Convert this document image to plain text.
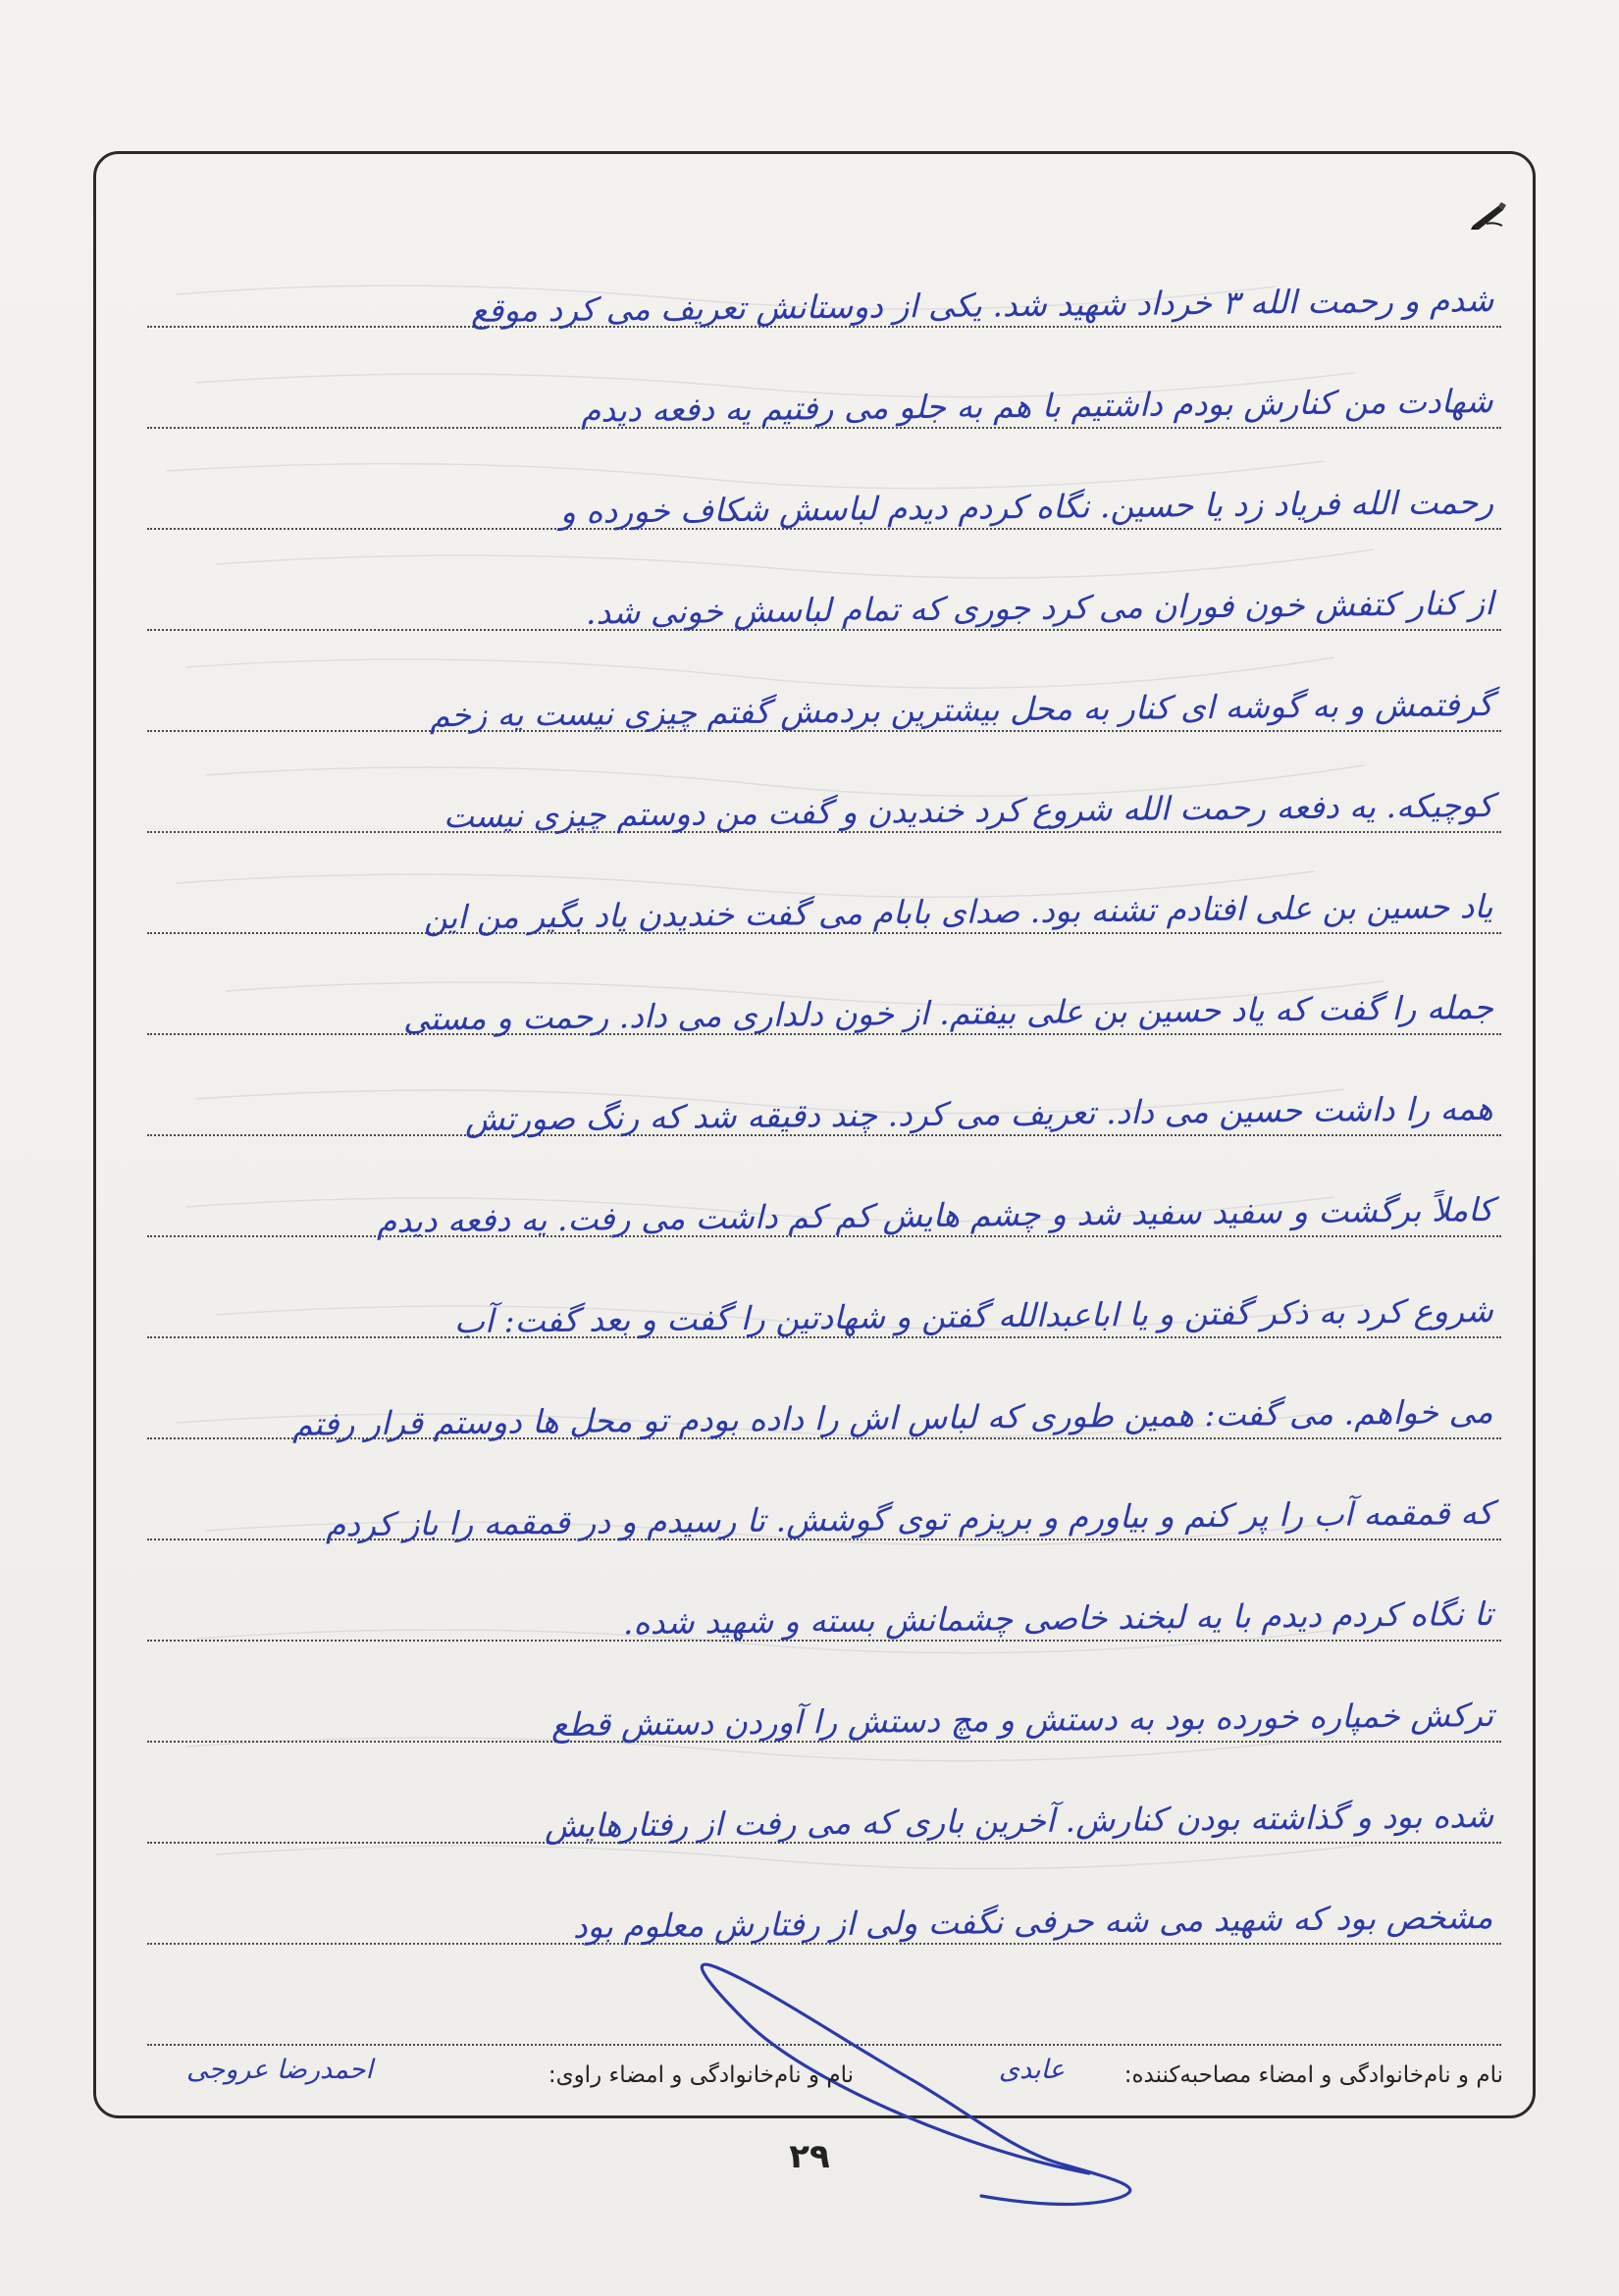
شدم و رحمت الله ۳ خرداد شهید شد. یکی از دوستانش تعریف می کرد موقع
شهادت من کنارش بودم داشتیم با هم به جلو می رفتیم یه دفعه دیدم
رحمت الله فریاد زد یا حسین. نگاه کردم دیدم لباسش شکاف خورده و
از کنار کتفش خون فوران می کرد جوری که تمام لباسش خونی شد.
گرفتمش و به گوشه ای کنار به محل بیشترین بردمش گفتم چیزی نیست یه زخم
کوچیکه. یه دفعه رحمت الله شروع کرد خندیدن و گفت من دوستم چیزی نیست
یاد حسین بن علی افتادم تشنه بود. صدای بابام می گفت خندیدن یاد بگیر من این
جمله را گفت که یاد حسین بن علی بیفتم. از خون دلداری می داد. رحمت و مستی
همه را داشت حسین می داد. تعریف می کرد. چند دقیقه شد که رنگ صورتش
کاملاً برگشت و سفید سفید شد و چشم هایش کم کم داشت می رفت. یه دفعه دیدم
شروع کرد به ذکر گفتن و یا اباعبدالله گفتن و شهادتین را گفت و بعد گفت: آب
می خواهم. می گفت: همین طوری که لباس اش را داده بودم تو محل ها دوستم قرار رفتم
که قمقمه آب را پر کنم و بیاورم و بریزم توی گوشش. تا رسیدم و در قمقمه را باز کردم
تا نگاه کردم دیدم با یه لبخند خاصی چشمانش بسته و شهید شده.
ترکش خمپاره خورده بود به دستش و مچ دستش را آوردن دستش قطع
شده بود و گذاشته بودن کنارش. آخرین باری که می رفت از رفتارهایش
مشخص بود که شهید می شه حرفی نگفت ولی از رفتارش معلوم بود
نام و نام‌خانوادگی و امضاء مصاحبه‌کننده:
عابدی
نام و نام‌خانوادگی و امضاء راوی:
احمدرضا عروجی
۲۹
